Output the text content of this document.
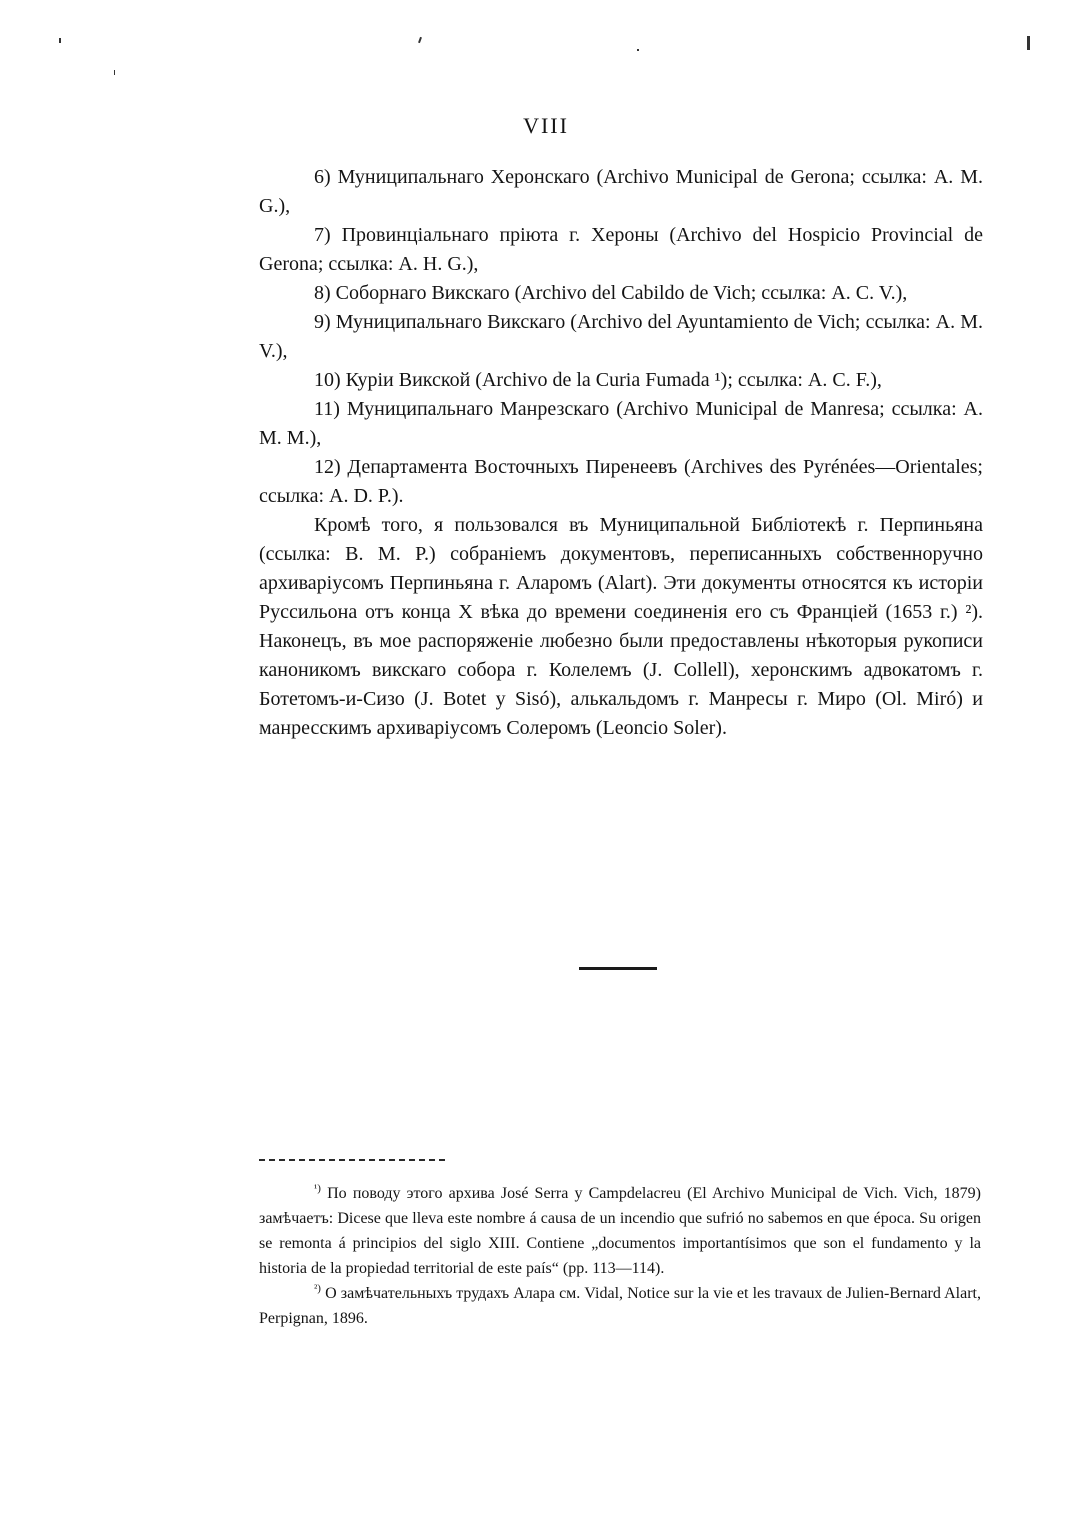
VIII

6) Муниципальнаго Херонскаго (Archivo Municipal de Gerona; ссылка: A. M. G.),

7) Провинціальнаго пріюта г. Хероны (Archivo del Hospicio Provincial de Gerona; ссылка: A. H. G.),

8) Соборнаго Викскаго (Archivo del Cabildo de Vich; ссылка: A. C. V.),

9) Муниципальнаго Викскаго (Archivo del Ayuntamiento de Vich; ссылка: A. M. V.),

10) Куріи Викской (Archivo de la Curia Fumada ¹); ссылка: A. C. F.),

11) Муниципальнаго Манрезскаго (Archivo Municipal de Manresa; ссылка: A. M. M.),

12) Департамента Восточныхъ Пиренеевъ (Archives des Pyrénées—Orientales; ссылка: A. D. P.).

Кромѣ того, я пользовался въ Муниципальной Библіотекѣ г. Перпиньяна (ссылка: B. M. P.) собраніемъ документовъ, переписанныхъ собственноручно архиваріусомъ Перпиньяна г. Аларомъ (Alart). Эти документы относятся къ исторіи Руссильона отъ конца X вѣка до времени соединенія его съ Франціей (1653 г.) ²). Наконецъ, въ мое распоряженіе любезно были предоставлены нѣкоторыя рукописи каноникомъ викскаго собора г. Колелемъ (J. Collell), херонскимъ адвокатомъ г. Ботетомъ-и-Сизо (J. Botet y Sisó), алькальдомъ г. Манресы г. Миро (Ol. Miró) и манресскимъ архиваріусомъ Солеромъ (Leoncio Soler).

$^{^1)}$ По поводу этого архива José Serra y Campdelacreu (El Archivo Municipal de Vich. Vich, 1879) замѣчаетъ: Dicese que lleva este nombre á causa de un incendio que sufrió no sabemos en que época. Su origen se remonta á principios del siglo XIII. Contiene „documentos importantísimos que son el fundamento y la historia de la propiedad territorial de este país“ (pp. 113—114).

$^{^2)}$ О замѣчательныхъ трудахъ Алара см. Vidal, Notice sur la vie et les travaux de Julien-Bernard Alart, Perpignan, 1896.
